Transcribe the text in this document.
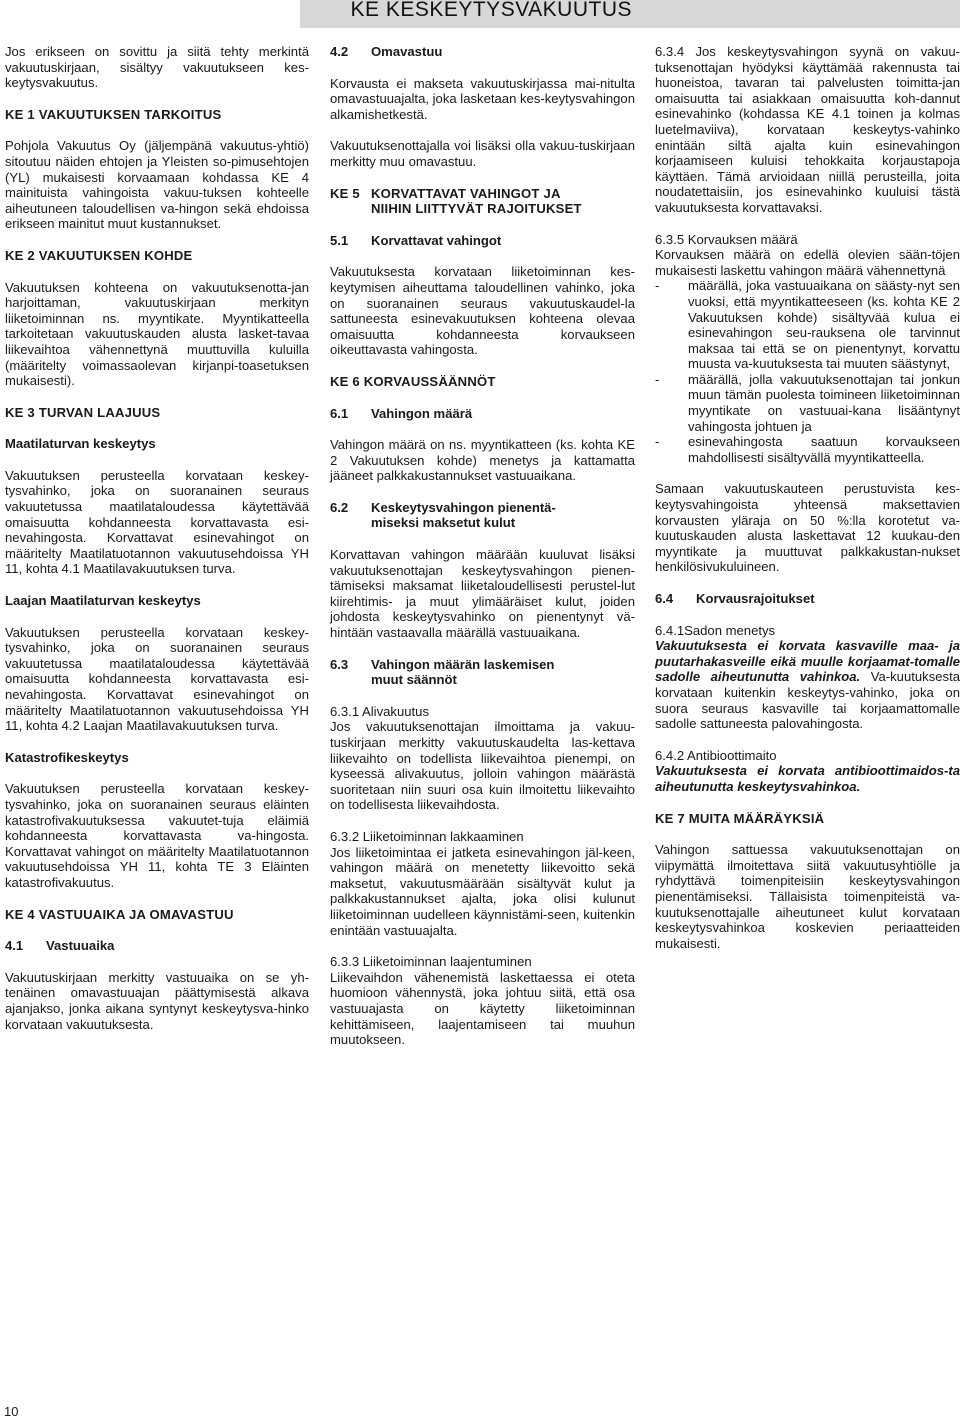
KE KESKEYTYSVAKUUTUS

Jos erikseen on sovittu ja siitä tehty merkintä vakuutuskirjaan, sisältyy vakuutukseen kes-keytysvakuutus.

KE 1 VAKUUTUKSEN TARKOITUS

Pohjola Vakuutus Oy (jäljempänä vakuutus-yhtiö) sitoutuu näiden ehtojen ja Yleisten so-pimusehtojen (YL) mukaisesti korvaamaan kohdassa KE 4 mainituista vahingoista vakuu-tuksen kohteelle aiheutuneen taloudellisen va-hingon sekä ehdoissa erikseen mainitut muut kustannukset.

KE 2 VAKUUTUKSEN KOHDE

Vakuutuksen kohteena on vakuutuksenotta-jan harjoittaman, vakuutuskirjaan merkityn liiketoiminnan ns. myyntikate. Myyntikatteella tarkoitetaan vakuutuskauden alusta lasket-tavaa liikevaihtoa vähennettynä muuttuvilla kuluilla (määritelty voimassaolevan kirjanpi-toasetuksen mukaisesti).

KE 3 TURVAN LAAJUUS
Maatilaturvan keskeytys

Vakuutuksen perusteella korvataan keskey-tysvahinko, joka on suoranainen seuraus vakuutetussa maatilataloudessa käytettävää omaisuutta kohdanneesta korvattavasta esi-nevahingosta. Korvattavat esinevahingot on määritelty Maatilatuotannon vakuutusehdoissa YH 11, kohta 4.1 Maatilavakuutuksen turva.

Laajan Maatilaturvan keskeytys

Vakuutuksen perusteella korvataan keskey-tysvahinko, joka on suoranainen seuraus vakuutetussa maatilataloudessa käytettävää omaisuutta kohdanneesta korvattavasta esi-nevahingosta. Korvattavat esinevahingot on määritelty Maatilatuotannon vakuutusehdoissa YH 11, kohta 4.2 Laajan Maatilavakuutuksen turva.

Katastrofikeskeytys

Vakuutuksen perusteella korvataan keskey-tysvahinko, joka on suoranainen seuraus eläinten katastrofivakuutuksessa vakuutet-tuja eläimiä kohdanneesta korvattavasta va-hingosta. Korvattavat vahingot on määritelty Maatilatuotannon vakuutusehdoissa YH 11, kohta TE 3 Eläinten katastrofivakuutus.

KE 4 VASTUUAIKA JA OMAVASTUU
4.1 Vastuuaika

Vakuutuskirjaan merkitty vastuuaika on se yh-tenäinen omavastuuajan päättymisestä alkava ajanjakso, jonka aikana syntynyt keskeytysva-hinko korvataan vakuutuksesta.

4.2 Omavastuu

Korvausta ei makseta vakuutuskirjassa mai-nitulta omavastuuajalta, joka lasketaan kes-keytysvahingon alkamishetkestä.

Vakuutuksenottajalla voi lisäksi olla vakuu-tuskirjaan merkitty muu omavastuu.

KE 5 KORVATTAVAT VAHINGOT JA
NIIHIN LIITTYVÄT RAJOITUKSET
5.1 Korvattavat vahingot

Vakuutuksesta korvataan liiketoiminnan kes-keytymisen aiheuttama taloudellinen vahinko, joka on suoranainen seuraus vakuutuskaudel-la sattuneesta esinevakuutuksen kohteena olevaa omaisuutta kohdanneesta korvaukseen oikeuttavasta vahingosta.

KE 6 KORVAUSSÄÄNNÖT
6.1 Vahingon määrä

Vahingon määrä on ns. myyntikatteen (ks. kohta KE 2 Vakuutuksen kohde) menetys ja kattamatta jääneet palkkakustannukset vastuuaikana.

6.2 Keskeytysvahingon pienentä-
miseksi maksetut kulut

Korvattavan vahingon määrään kuuluvat lisäksi vakuutuksenottajan keskeytysvahingon pienen-tämiseksi maksamat liiketaloudellisesti perustel-lut kiirehtimis- ja muut ylimääräiset kulut, joiden johdosta keskeytysvahinko on pienentynyt vä-hintään vastaavalla määrällä vastuuaikana.

6.3 Vahingon määrän laskemisen
muut säännöt

6.3.1 Alivakuutus
Jos vakuutuksenottajan ilmoittama ja vakuu-tuskirjaan merkitty vakuutuskaudelta las-kettava liikevaihto on todellista liikevaihtoa pienempi, on kyseessä alivakuutus, jolloin vahingon määrästä suoritetaan niin suuri osa kuin ilmoitettu liikevaihto on todellisesta liikevaihdosta.

6.3.2 Liiketoiminnan lakkaaminen
Jos liiketoimintaa ei jatketa esinevahingon jäl-keen, vahingon määrä on menetetty liikevoitto sekä maksetut, vakuutusmäärään sisältyvät kulut ja palkkakustannukset ajalta, joka olisi kulunut liiketoiminnan uudelleen käynnistämi-seen, kuitenkin enintään vastuuajalta.

6.3.3 Liiketoiminnan laajentuminen
Liikevaihdon vähenemistä laskettaessa ei oteta huomioon vähennystä, joka johtuu siitä, että osa vastuuajasta on käytetty liiketoiminnan kehittämiseen, laajentamiseen tai muuhun muutokseen.

6.3.4 Jos keskeytysvahingon syynä on vakuu-tuksenottajan hyödyksi käyttämää rakennusta tai huoneistoa, tavaran tai palvelusten toimitta-jan omaisuutta tai asiakkaan omaisuutta koh-dannut esinevahinko (kohdassa KE 4.1 toinen ja kolmas luetelmaviiva), korvataan keskeytys-vahinko enintään siltä ajalta kuin esinevahingon korjaamiseen kuluisi tehokkaita korjaustapoja käyttäen. Tämä arvioidaan niillä perusteilla, joita noudatettaisiin, jos esinevahinko kuuluisi tästä vakuutuksesta korvattavaksi.

6.3.5 Korvauksen määrä
Korvauksen määrä on edellä olevien sään-töjen mukaisesti laskettu vahingon määrä vähennettynä

- määrällä, joka vastuuaikana on säästy-nyt sen vuoksi, että myyntikatteeseen (ks. kohta KE 2 Vakuutuksen kohde) sisältyvää kulua ei esinevahingon seu-rauksena ole tarvinnut maksaa tai että se on pienentynyt, korvattu muusta va-kuutuksesta tai muuten säästynyt,
- määrällä, jolla vakuutuksenottajan tai jonkun muun tämän puolesta toimineen liiketoiminnan myyntikate on vastuuai-kana lisääntynyt vahingosta johtuen ja
- esinevahingosta saatuun korvaukseen mahdollisesti sisältyvällä myyntikatteella.

Samaan vakuutuskauteen perustuvista kes-keytysvahingoista yhteensä maksettavien korvausten yläraja on 50 %:lla korotetut va-kuutuskauden alusta laskettavat 12 kuukau-den myyntikate ja muuttuvat palkkakustan-nukset henkilösivukuluineen.

6.4 Korvausrajoitukset

6.4.1Sadon menetys
Vakuutuksesta ei korvata kasvaville maa- ja puutarhakasveille eikä muulle korjaamat-tomalle sadolle aiheutunutta vahinkoa. Va-kuutuksesta korvataan kuitenkin keskeytys-vahinko, joka on suora seuraus kasvaville tai korjaamattomalle sadolle sattuneesta palovahingosta.

6.4.2 Antibioottimaito
Vakuutuksesta ei korvata antibioottimaidos-ta aiheutunutta keskeytysvahinkoa.

KE 7 MUITA MÄÄRÄYKSIÄ

Vahingon sattuessa vakuutuksenottajan on viipymättä ilmoitettava siitä vakuutusyhtiölle ja ryhdyttävä toimenpiteisiin keskeytysvahingon pienentämiseksi. Tällaisista toimenpiteistä va-kuutuksenottajalle aiheutuneet kulut korvataan keskeytysvahinkoa koskevien periaatteiden mukaisesti.

10
